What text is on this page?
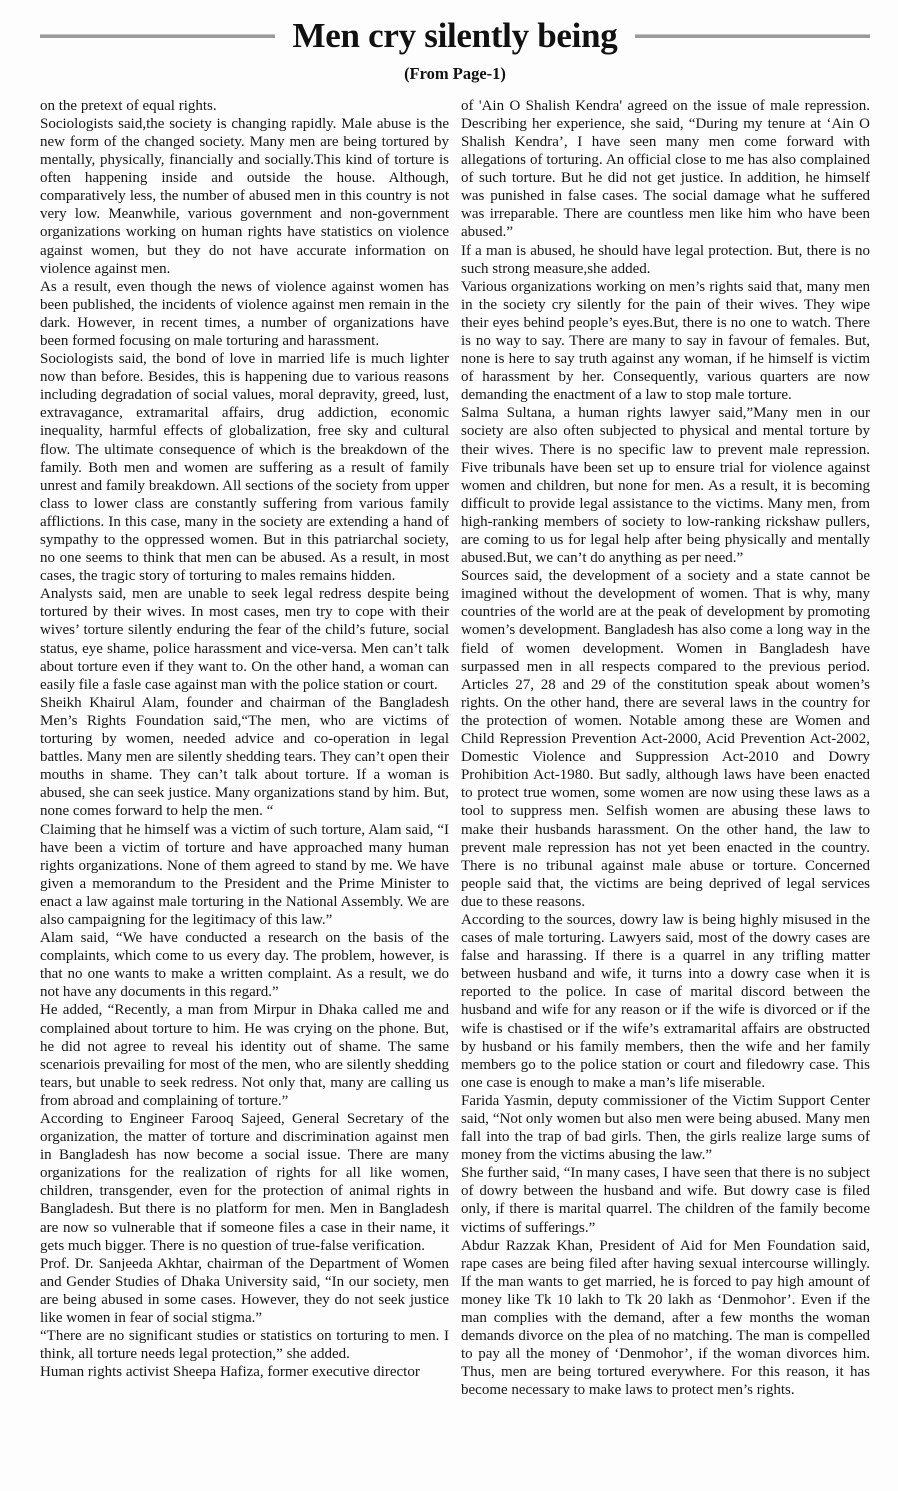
Men cry silently being
(From Page-1)

on the pretext of equal rights.

Sociologists said,the society is changing rapidly. Male abuse is the new form of the changed society. Many men are being tortured by mentally, physically, financially and socially.This kind of torture is often happening inside and outside the house. Although, comparatively less, the number of abused men in this country is not very low. Meanwhile, various government and non-government organizations working on human rights have statistics on violence against women, but they do not have accurate information on violence against men.

As a result, even though the news of violence against women has been published, the incidents of violence against men remain in the dark. However, in recent times, a number of organizations have been formed focusing on male torturing and harassment.

Sociologists said, the bond of love in married life is much lighter now than before. Besides, this is happening due to various reasons including degradation of social values, moral depravity, greed, lust, extravagance, extramarital affairs, drug addiction, economic inequality, harmful effects of globalization, free sky and cultural flow. The ultimate consequence of which is the breakdown of the family. Both men and women are suffering as a result of family unrest and family breakdown. All sections of the society from upper class to lower class are constantly suffering from various family afflictions. In this case, many in the society are extending a hand of sympathy to the oppressed women. But in this patriarchal society, no one seems to think that men can be abused. As a result, in most cases, the tragic story of torturing to males remains hidden.

Analysts said, men are unable to seek legal redress despite being tortured by their wives. In most cases, men try to cope with their wives’ torture silently enduring the fear of the child’s future, social status, eye shame, police harassment and vice-versa. Men can’t talk about torture even if they want to. On the other hand, a woman can easily file a fasle case against man with the police station or court.

Sheikh Khairul Alam, founder and chairman of the Bangladesh Men’s Rights Foundation said,“The men, who are victims of torturing by women, needed advice and co-operation in legal battles. Many men are silently shedding tears. They can’t open their mouths in shame. They can’t talk about torture. If a woman is abused, she can seek justice. Many organizations stand by him. But, none comes forward to help the men. “

Claiming that he himself was a victim of such torture, Alam said, “I have been a victim of torture and have approached many human rights organizations. None of them agreed to stand by me. We have given a memorandum to the President and the Prime Minister to enact a law against male torturing in the National Assembly. We are also campaigning for the legitimacy of this law.”

Alam said, “We have conducted a research on the basis of the complaints, which come to us every day. The problem, however, is that no one wants to make a written complaint. As a result, we do not have any documents in this regard.”

He added, “Recently, a man from Mirpur in Dhaka called me and complained about torture to him. He was crying on the phone. But, he did not agree to reveal his identity out of shame. The same scenariois prevailing for most of the men, who are silently shedding tears, but unable to seek redress. Not only that, many are calling us from abroad and complaining of torture.”

According to Engineer Farooq Sajeed, General Secretary of the organization, the matter of torture and discrimination against men in Bangladesh has now become a social issue. There are many organizations for the realization of rights for all like women, children, transgender, even for the protection of animal rights in Bangladesh. But there is no platform for men. Men in Bangladesh are now so vulnerable that if someone files a case in their name, it gets much bigger. There is no question of true-false verification.

Prof. Dr. Sanjeeda Akhtar, chairman of the Department of Women and Gender Studies of Dhaka University said, “In our society, men are being abused in some cases. However, they do not seek justice like women in fear of social stigma.”

“There are no significant studies or statistics on torturing to men. I think, all torture needs legal protection,” she added.

Human rights activist Sheepa Hafiza, former executive director

of 'Ain O Shalish Kendra' agreed on the issue of male repression. Describing her experience, she said, “During my tenure at ‘Ain O Shalish Kendra’, I have seen many men come forward with allegations of torturing. An official close to me has also complained of such torture. But he did not get justice. In addition, he himself was punished in false cases. The social damage what he suffered was irreparable. There are countless men like him who have been abused.”

If a man is abused, he should have legal protection. But, there is no such strong measure,she added.

Various organizations working on men’s rights said that, many men in the society cry silently for the pain of their wives. They wipe their eyes behind people’s eyes.But, there is no one to watch. There is no way to say. There are many to say in favour of females. But, none is here to say truth against any woman, if he himself is victim of harassment by her. Consequently, various quarters are now demanding the enactment of a law to stop male torture.

Salma Sultana, a human rights lawyer said,”Many men in our society are also often subjected to physical and mental torture by their wives. There is no specific law to prevent male repression. Five tribunals have been set up to ensure trial for violence against women and children, but none for men. As a result, it is becoming difficult to provide legal assistance to the victims. Many men, from high-ranking members of society to low-ranking rickshaw pullers, are coming to us for legal help after being physically and mentally abused.But, we can’t do anything as per need.”

Sources said, the development of a society and a state cannot be imagined without the development of women. That is why, many countries of the world are at the peak of development by promoting women’s development. Bangladesh has also come a long way in the field of women development. Women in Bangladesh have surpassed men in all respects compared to the previous period. Articles 27, 28 and 29 of the constitution speak about women’s rights. On the other hand, there are several laws in the country for the protection of women. Notable among these are Women and Child Repression Prevention Act-2000, Acid Prevention Act-2002, Domestic Violence and Suppression Act-2010 and Dowry Prohibition Act-1980. But sadly, although laws have been enacted to protect true women, some women are now using these laws as a tool to suppress men. Selfish women are abusing these laws to make their husbands harassment. On the other hand, the law to prevent male repression has not yet been enacted in the country. There is no tribunal against male abuse or torture. Concerned people said that, the victims are being deprived of legal services due to these reasons.

According to the sources, dowry law is being highly misused in the cases of male torturing. Lawyers said, most of the dowry cases are false and harassing. If there is a quarrel in any trifling matter between husband and wife, it turns into a dowry case when it is reported to the police. In case of marital discord between the husband and wife for any reason or if the wife is divorced or if the wife is chastised or if the wife’s extramarital affairs are obstructed by husband or his family members, then the wife and her family members go to the police station or court and filedowry case. This one case is enough to make a man’s life miserable.

Farida Yasmin, deputy commissioner of the Victim Support Center said, “Not only women but also men were being abused. Many men fall into the trap of bad girls. Then, the girls realize large sums of money from the victims abusing the law.”

She further said, “In many cases, I have seen that there is no subject of dowry between the husband and wife. But dowry case is filed only, if there is marital quarrel. The children of the family become victims of sufferings.”

Abdur Razzak Khan, President of Aid for Men Foundation said, rape cases are being filed after having sexual intercourse willingly. If the man wants to get married, he is forced to pay high amount of money like Tk 10 lakh to Tk 20 lakh as ‘Denmohor’. Even if the man complies with the demand, after a few months the woman demands divorce on the plea of no matching. The man is compelled to pay all the money of ‘Denmohor’, if the woman divorces him. Thus, men are being tortured everywhere. For this reason, it has become necessary to make laws to protect men’s rights.
